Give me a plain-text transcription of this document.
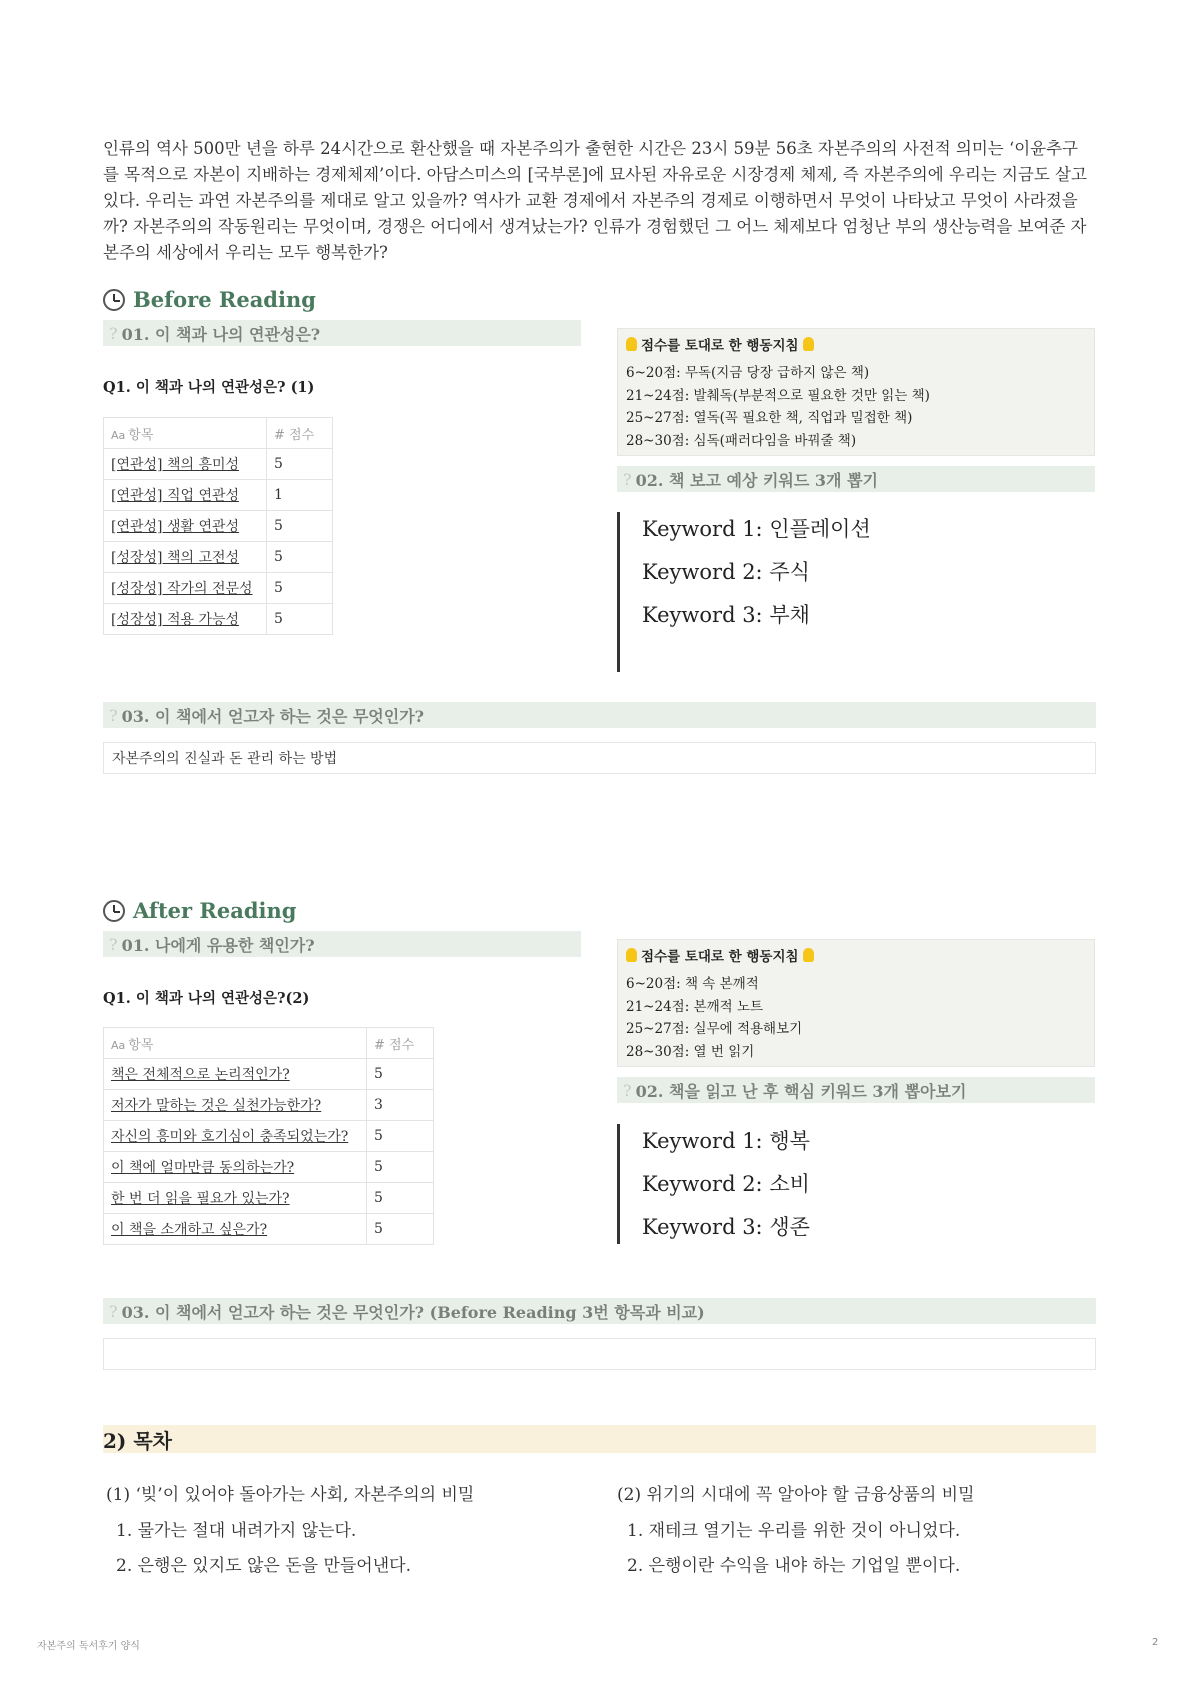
인류의 역사 500만 년을 하루 24시간으로 환산했을 때 자본주의가 출현한 시간은 23시 59분 56초 자본주의의 사전적 의미는 ‘이윤추구를 목적으로 자본이 지배하는 경제체제’이다. 아담스미스의 [국부론]에 묘사된 자유로운 시장경제 체제, 즉 자본주의에 우리는 지금도 살고 있다. 우리는 과연 자본주의를 제대로 알고 있을까? 역사가 교환 경제에서 자본주의 경제로 이행하면서 무엇이 나타났고 무엇이 사라졌을까? 자본주의의 작동원리는 무엇이며, 경쟁은 어디에서 생겨났는가? 인류가 경험했던 그 어느 체제보다 엄청난 부의 생산능력을 보여준 자본주의 세상에서 우리는 모두 행복한가?

Before Reading
? 01. 이 책과 나의 연관성은?
Q1. 이 책과 나의 연관성은? (1)
Aa 항목	# 점수
[연관성] 책의 흥미성	5
[연관성] 직업 연관성	1
[연관성] 생활 연관성	5
[성장성] 책의 고전성	5
[성장성] 작가의 전문성	5
[성장성] 적용 가능성	5
점수를 토대로 한 행동지침
6~20점: 무독(지금 당장 급하지 않은 책)
21~24점: 발췌독(부분적으로 필요한 것만 읽는 책)
25~27점: 열독(꼭 필요한 책, 직업과 밀접한 책)
28~30점: 심독(패러다임을 바꿔줄 책)
? 02. 책 보고 예상 키워드 3개 뽑기
Keyword 1: 인플레이션
Keyword 2: 주식
Keyword 3: 부채
? 03. 이 책에서 얻고자 하는 것은 무엇인가?
자본주의의 진실과 돈 관리 하는 방법
After Reading
? 01. 나에게 유용한 책인가?
Q1. 이 책과 나의 연관성은?(2)
Aa 항목	# 점수
책은 전체적으로 논리적인가?	5
저자가 말하는 것은 실천가능한가?	3
자신의 흥미와 호기심이 충족되었는가?	5
이 책에 얼마만큼 동의하는가?	5
한 번 더 읽을 필요가 있는가?	5
이 책을 소개하고 싶은가?	5
점수를 토대로 한 행동지침
6~20점: 책 속 본깨적
21~24점: 본깨적 노트
25~27점: 실무에 적용해보기
28~30점: 열 번 읽기
? 02. 책을 읽고 난 후 핵심 키워드 3개 뽑아보기
Keyword 1: 행복
Keyword 2: 소비
Keyword 3: 생존
? 03. 이 책에서 얻고자 하는 것은 무엇인가? (Before Reading 3번 항목과 비교)
2) 목차
(1) ‘빚’이 있어야 돌아가는 사회, 자본주의의 비밀
1. 물가는 절대 내려가지 않는다.
2. 은행은 있지도 않은 돈을 만들어낸다.
(2) 위기의 시대에 꼭 알아야 할 금융상품의 비밀
1. 재테크 열기는 우리를 위한 것이 아니었다.
2. 은행이란 수익을 내야 하는 기업일 뿐이다.
자본주의 독서후기 양식	2
